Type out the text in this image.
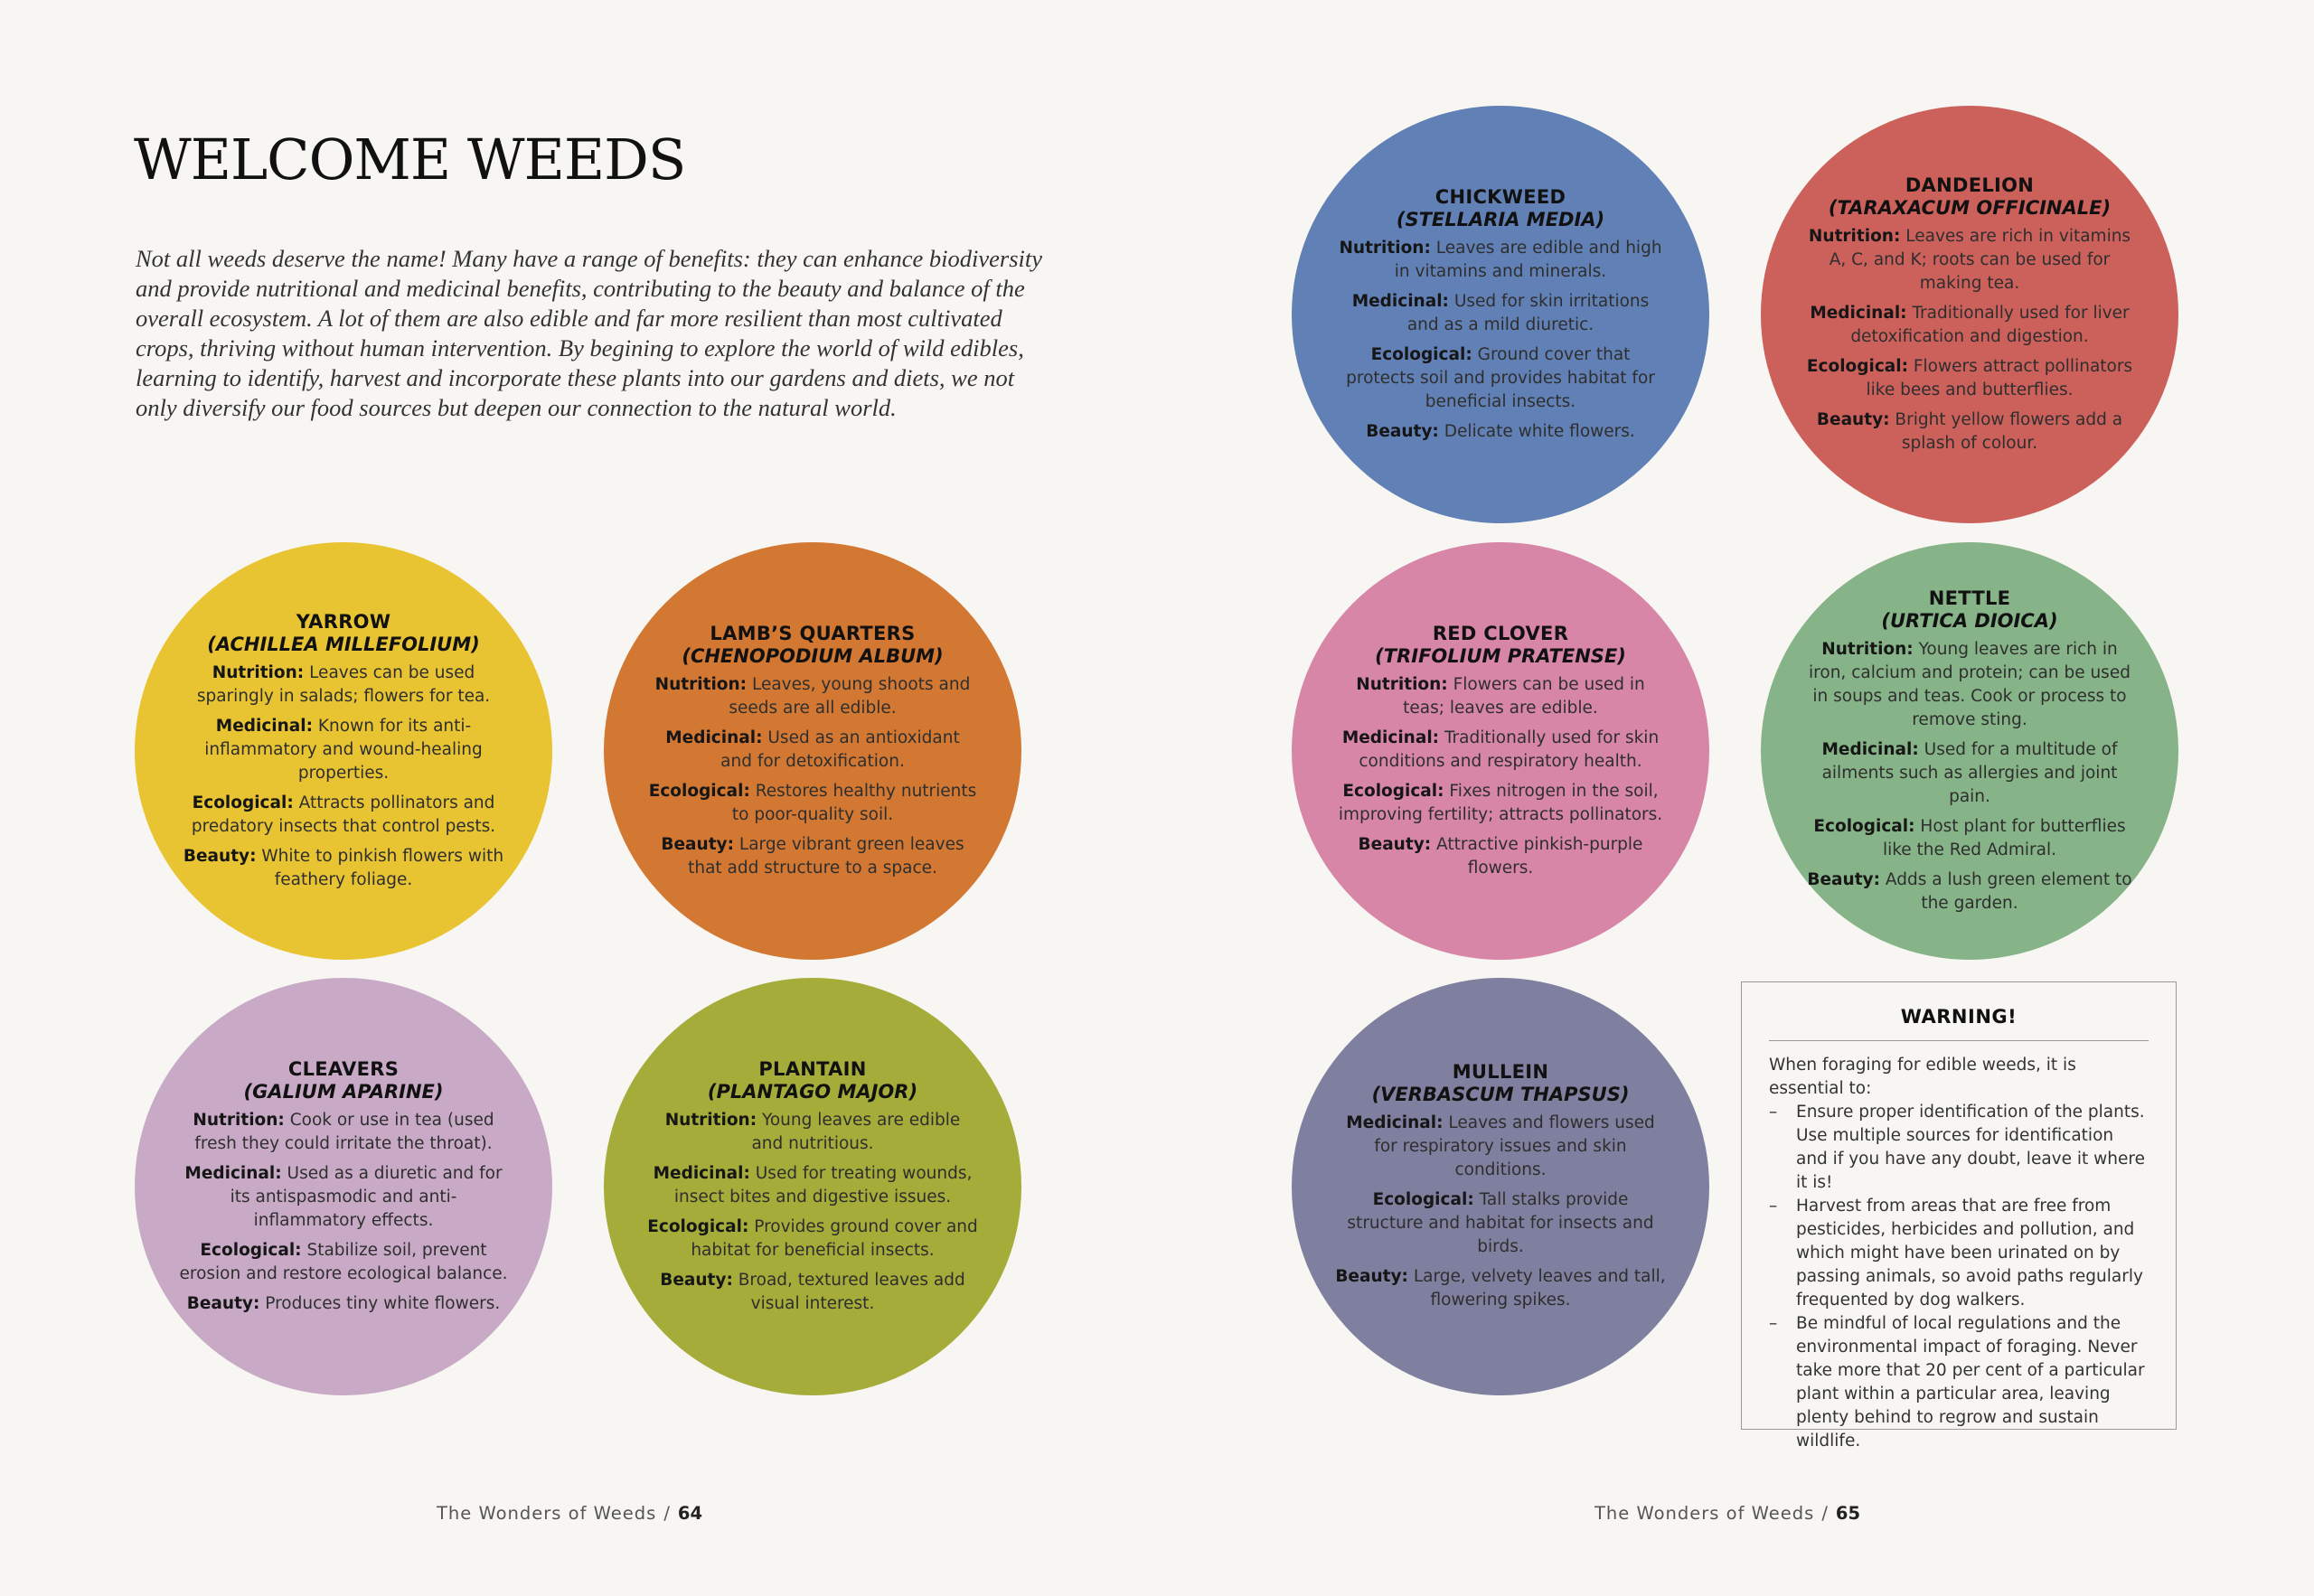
WELCOME WEEDS

Not all weeds deserve the name! Many have a range of benefits: they can enhance biodiversity and provide nutritional and medicinal benefits, contributing to the beauty and balance of the overall ecosystem. A lot of them are also edible and far more resilient than most cultivated crops, thriving without human intervention. By begining to explore the world of wild edibles, learning to identify, harvest and incorporate these plants into our gardens and diets, we not only diversify our food sources but deepen our connection to the natural world.

YARROW
(ACHILLEA MILLEFOLIUM)

Nutrition: Leaves can be used sparingly in salads; flowers for tea.

Medicinal: Known for its anti-inflammatory and wound-healing properties.

Ecological: Attracts pollinators and predatory insects that control pests.

Beauty: White to pinkish flowers with feathery foliage.

LAMB’S QUARTERS
(CHENOPODIUM ALBUM)

Nutrition: Leaves, young shoots and seeds are all edible.

Medicinal: Used as an antioxidant and for detoxification.

Ecological: Restores healthy nutrients to poor-quality soil.

Beauty: Large vibrant green leaves that add structure to a space.

CLEAVERS
(GALIUM APARINE)

Nutrition: Cook or use in tea (used fresh they could irritate the throat).

Medicinal: Used as a diuretic and for its antispasmodic and anti-inflammatory effects.

Ecological: Stabilize soil, prevent erosion and restore ecological balance.

Beauty: Produces tiny white flowers.

PLANTAIN
(PLANTAGO MAJOR)

Nutrition: Young leaves are edible and nutritious.

Medicinal: Used for treating wounds, insect bites and digestive issues.

Ecological: Provides ground cover and habitat for beneficial insects.

Beauty: Broad, textured leaves add visual interest.

CHICKWEED
(STELLARIA MEDIA)

Nutrition: Leaves are edible and high in vitamins and minerals.

Medicinal: Used for skin irritations and as a mild diuretic.

Ecological: Ground cover that protects soil and provides habitat for beneficial insects.

Beauty: Delicate white flowers.

DANDELION
(TARAXACUM OFFICINALE)

Nutrition: Leaves are rich in vitamins A, C, and K; roots can be used for making tea.

Medicinal: Traditionally used for liver detoxification and digestion.

Ecological: Flowers attract pollinators like bees and butterflies.

Beauty: Bright yellow flowers add a splash of colour.

RED CLOVER
(TRIFOLIUM PRATENSE)

Nutrition: Flowers can be used in teas; leaves are edible.

Medicinal: Traditionally used for skin conditions and respiratory health.

Ecological: Fixes nitrogen in the soil, improving fertility; attracts pollinators.

Beauty: Attractive pinkish-purple flowers.

NETTLE
(URTICA DIOICA)

Nutrition: Young leaves are rich in iron, calcium and protein; can be used in soups and teas. Cook or process to remove sting.

Medicinal: Used for a multitude of ailments such as allergies and joint pain.

Ecological: Host plant for butterflies like the Red Admiral.

Beauty: Adds a lush green element to the garden.

MULLEIN
(VERBASCUM THAPSUS)

Medicinal: Leaves and flowers used for respiratory issues and skin conditions.

Ecological: Tall stalks provide structure and habitat for insects and birds.

Beauty: Large, velvety leaves and tall, flowering spikes.

WARNING!

When foraging for edible weeds, it is essential to:

– Ensure proper identification of the plants. Use multiple sources for identification and if you have any doubt, leave it where it is!
– Harvest from areas that are free from pesticides, herbicides and pollution, and which might have been urinated on by passing animals, so avoid paths regularly frequented by dog walkers.
– Be mindful of local regulations and the environmental impact of foraging. Never take more that 20 per cent of a particular plant within a particular area, leaving plenty behind to regrow and sustain wildlife.
The Wonders of Weeds / 64	The Wonders of Weeds / 65
